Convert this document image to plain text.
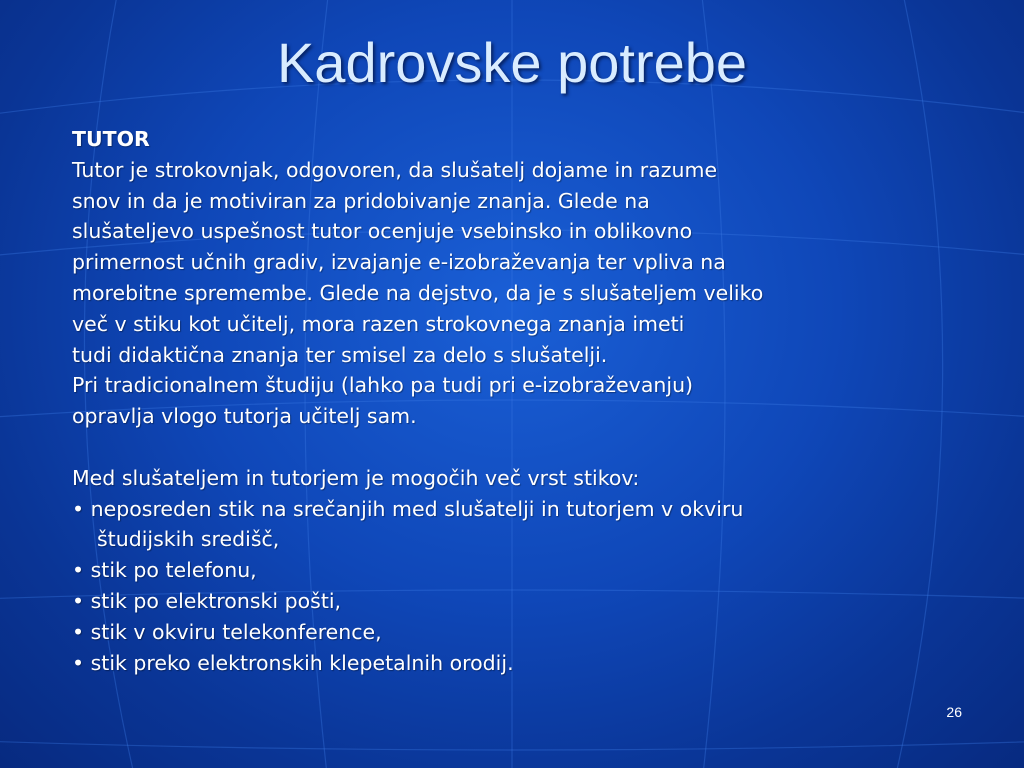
Kadrovske potrebe
TUTOR
Tutor je strokovnjak, odgovoren, da slušatelj dojame in razume
snov in da je motiviran za pridobivanje znanja. Glede na
slušateljevo uspešnost tutor ocenjuje vsebinsko in oblikovno
primernost učnih gradiv, izvajanje e-izobraževanja ter vpliva na
morebitne spremembe. Glede na dejstvo, da je s slušateljem veliko
več v stiku kot učitelj, mora razen strokovnega znanja imeti
tudi didaktična znanja ter smisel za delo s slušatelji.
Pri tradicionalnem študiju (lahko pa tudi pri e-izobraževanju)
opravlja vlogo tutorja učitelj sam.
Med slušateljem in tutorjem je mogočih več vrst stikov:
• neposreden stik na srečanjih med slušatelji in tutorjem v okviru
študijskih središč,
• stik po telefonu,
• stik po elektronski pošti,
• stik v okviru telekonference,
• stik preko elektronskih klepetalnih orodij.
26
